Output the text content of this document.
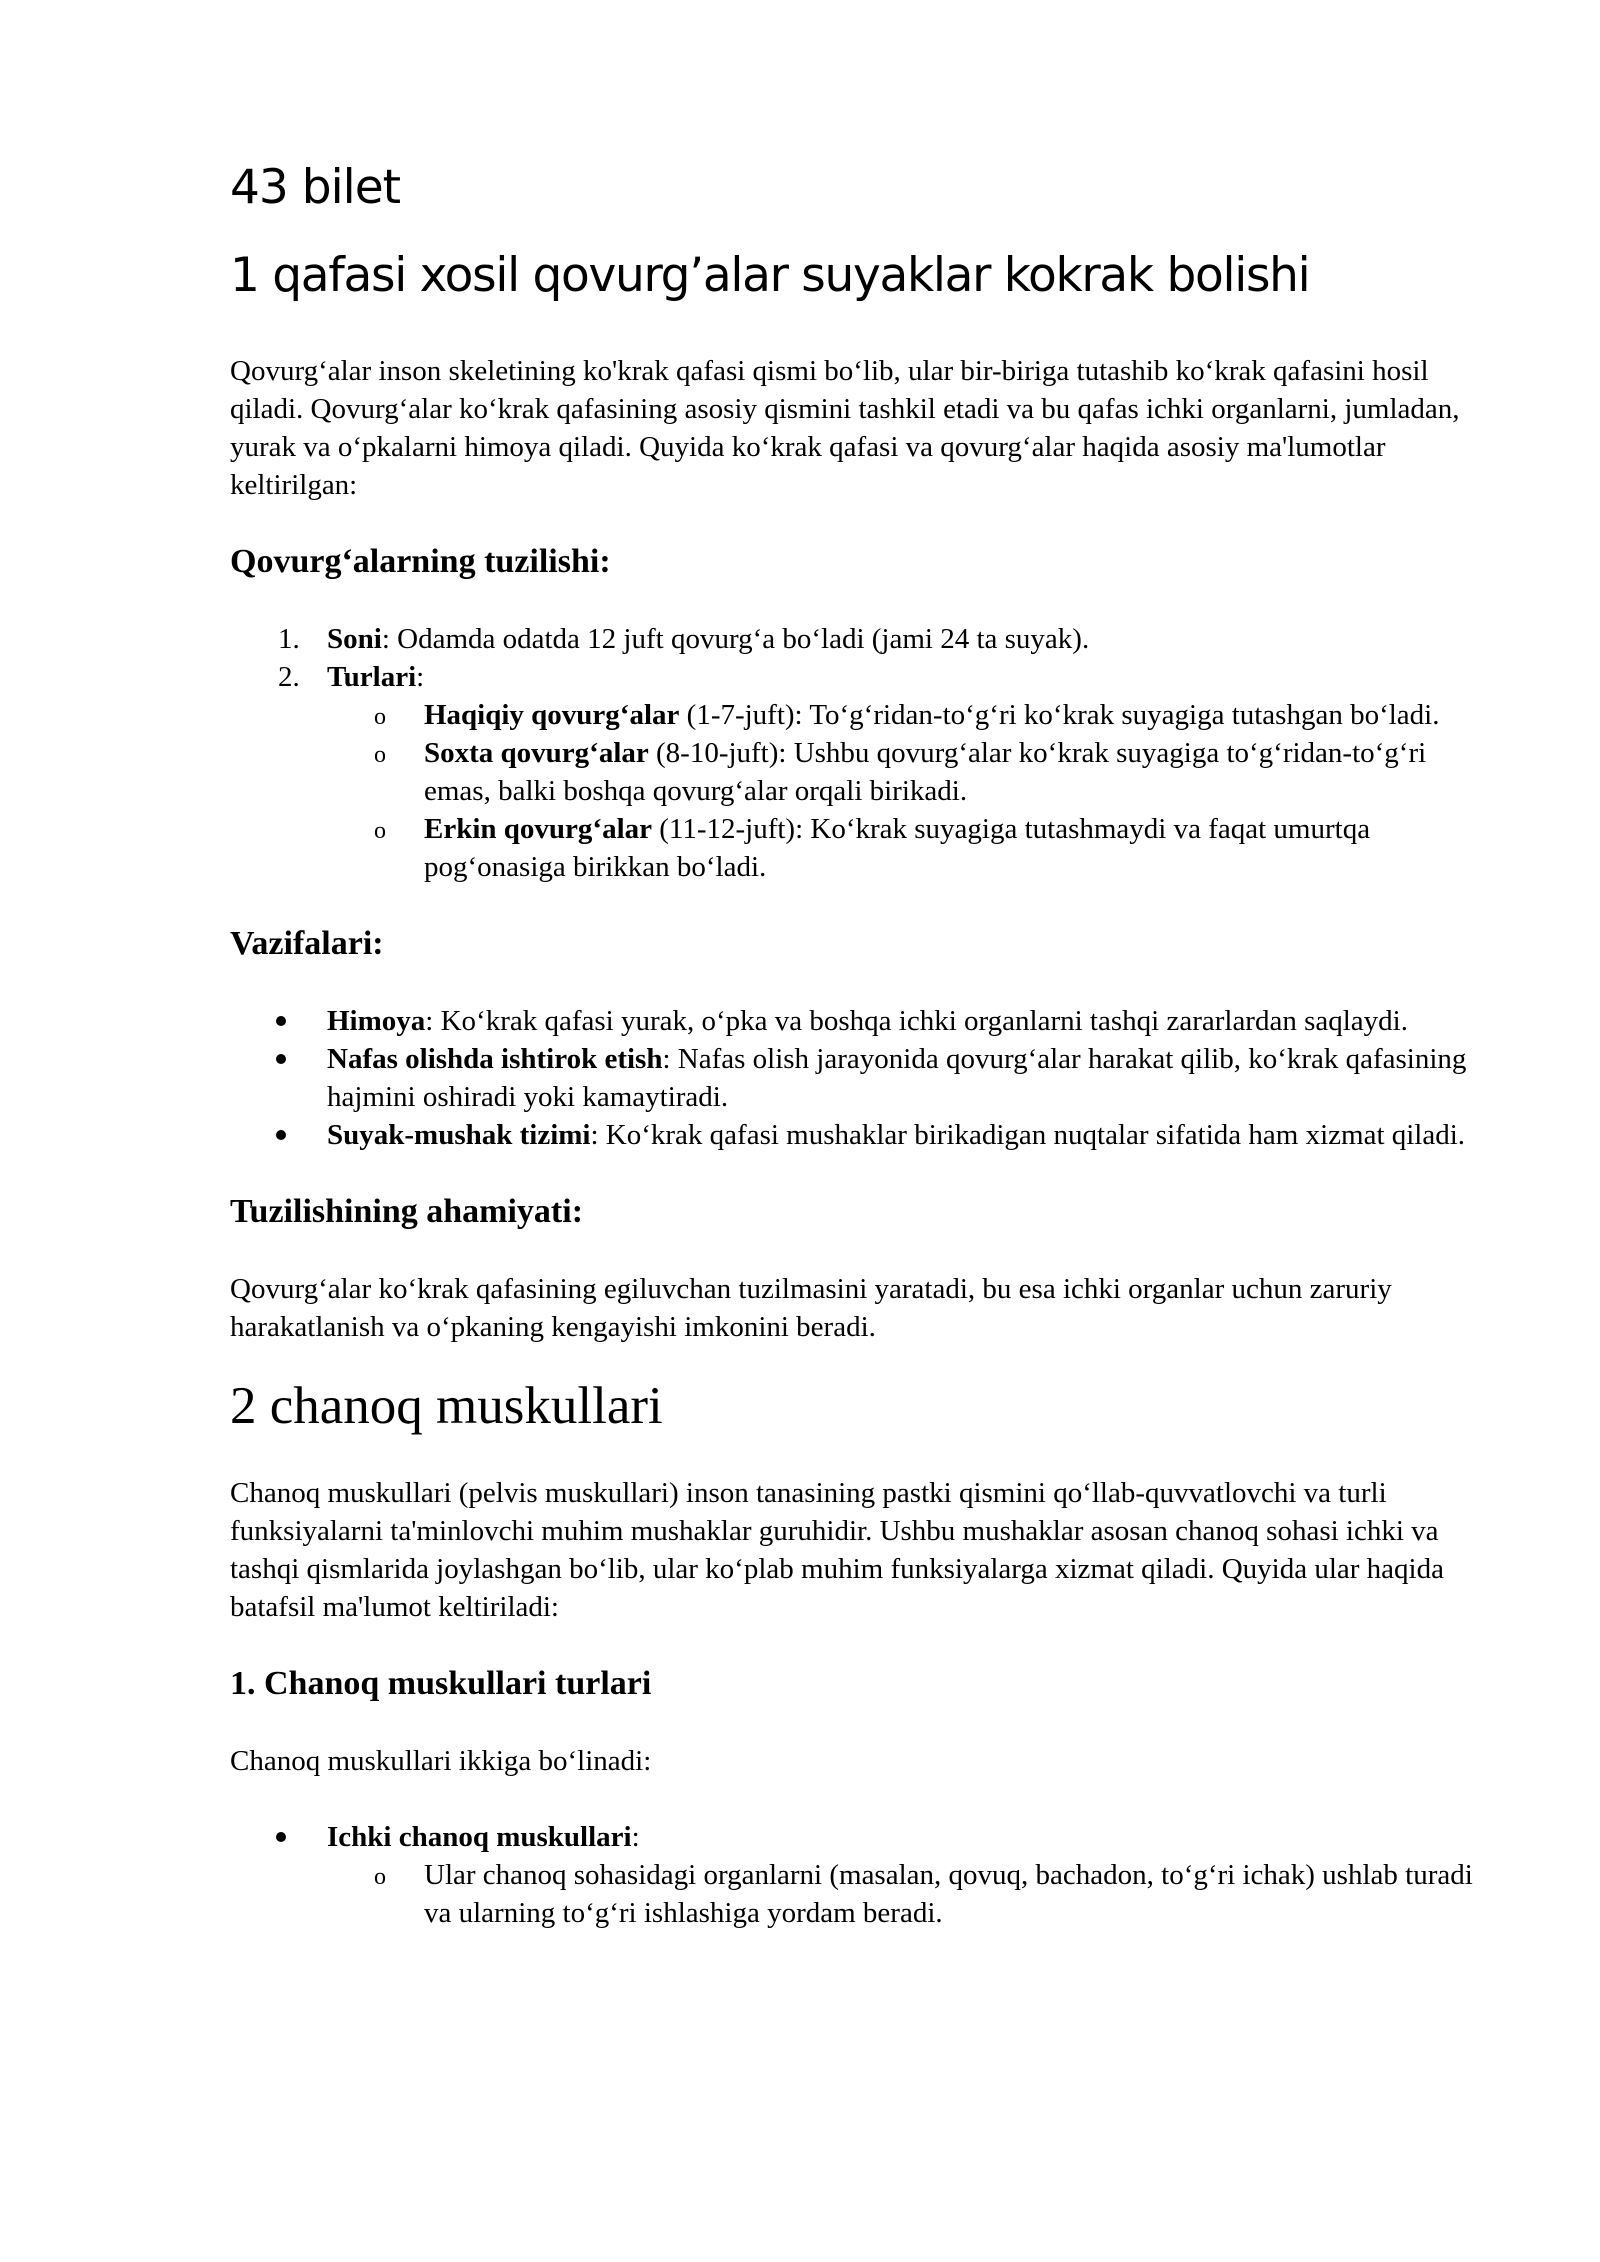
43 bilet
1 qafasi xosil qovurg’alar suyaklar kokrak bolishi

Qovurg‘alar inson skeletining ko'krak qafasi qismi bo‘lib, ular bir-biriga tutashib ko‘krak qafasini hosil qiladi. Qovurg‘alar ko‘krak qafasining asosiy qismini tashkil etadi va bu qafas ichki organlarni, jumladan, yurak va o‘pkalarni himoya qiladi. Quyida ko‘krak qafasi va qovurg‘alar haqida asosiy ma'lumotlar keltirilgan:

Qovurg‘alarning tuzilishi:
1. Soni: Odamda odatda 12 juft qovurg‘a bo‘ladi (jami 24 ta suyak).
2. Turlari:
o Haqiqiy qovurg‘alar (1-7-juft): To‘g‘ridan-to‘g‘ri ko‘krak suyagiga tutashgan bo‘ladi.
o Soxta qovurg‘alar (8-10-juft): Ushbu qovurg‘alar ko‘krak suyagiga to‘g‘ridan-to‘g‘ri emas, balki boshqa qovurg‘alar orqali birikadi.
o Erkin qovurg‘alar (11-12-juft): Ko‘krak suyagiga tutashmaydi va faqat umurtqa pog‘onasiga birikkan bo‘ladi.
Vazifalari:
Himoya: Ko‘krak qafasi yurak, o‘pka va boshqa ichki organlarni tashqi zararlardan saqlaydi.
Nafas olishda ishtirok etish: Nafas olish jarayonida qovurg‘alar harakat qilib, ko‘krak qafasining hajmini oshiradi yoki kamaytiradi.
Suyak-mushak tizimi: Ko‘krak qafasi mushaklar birikadigan nuqtalar sifatida ham xizmat qiladi.
Tuzilishining ahamiyati:

Qovurg‘alar ko‘krak qafasining egiluvchan tuzilmasini yaratadi, bu esa ichki organlar uchun zaruriy harakatlanish va o‘pkaning kengayishi imkonini beradi.

2 chanoq muskullari

Chanoq muskullari (pelvis muskullari) inson tanasining pastki qismini qo‘llab-quvvatlovchi va turli funksiyalarni ta'minlovchi muhim mushaklar guruhidir. Ushbu mushaklar asosan chanoq sohasi ichki va tashqi qismlarida joylashgan bo‘lib, ular ko‘plab muhim funksiyalarga xizmat qiladi. Quyida ular haqida batafsil ma'lumot keltiriladi:

1. Chanoq muskullari turlari

Chanoq muskullari ikkiga bo‘linadi:

Ichki chanoq muskullari:
o Ular chanoq sohasidagi organlarni (masalan, qovuq, bachadon, to‘g‘ri ichak) ushlab turadi va ularning to‘g‘ri ishlashiga yordam beradi.
